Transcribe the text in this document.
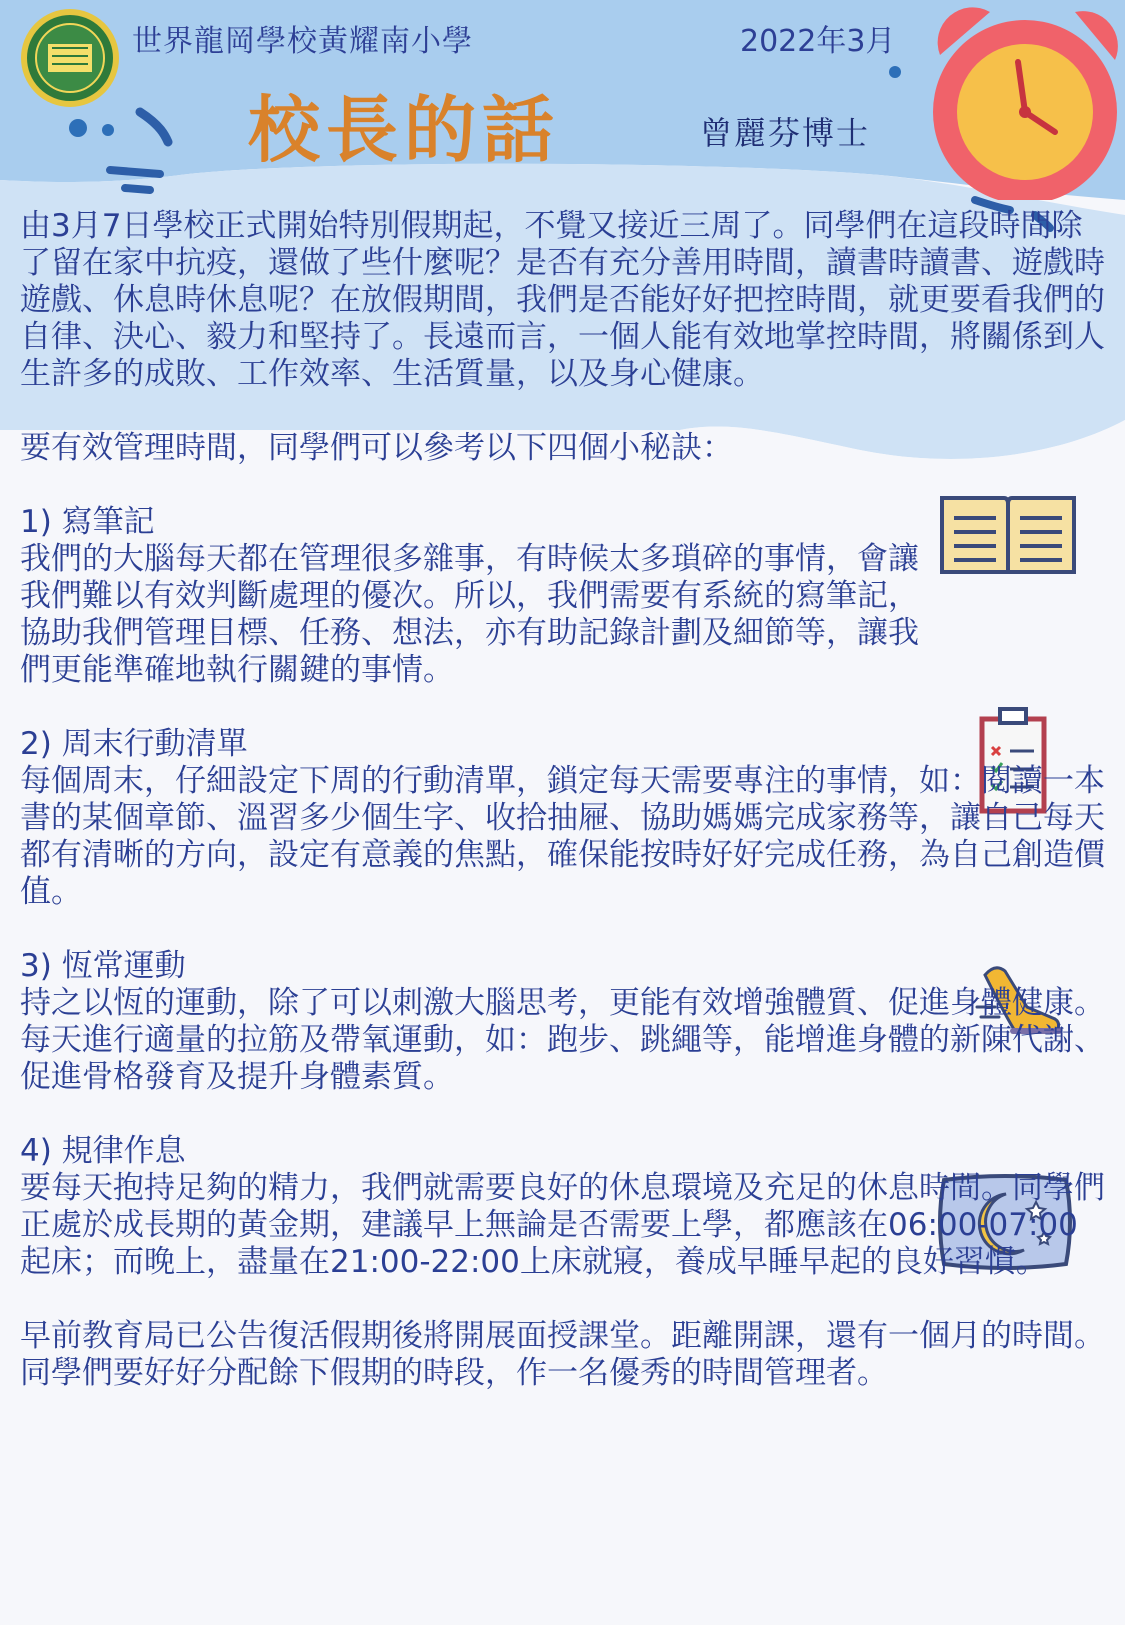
世界龍岡學校黃耀南小學	2022年3月
校長的話	曾麗芬博士

由3月7日學校正式開始特別假期起，不覺又接近三周了。同學們在這段時間除了留在家中抗疫，還做了些什麼呢？是否有充分善用時間，讀書時讀書、遊戲時遊戲、休息時休息呢？在放假期間，我們是否能好好把控時間，就更要看我們的自律、決心、毅力和堅持了。長遠而言，一個人能有效地掌控時間，將關係到人生許多的成敗、工作效率、生活質量，以及身心健康。

要有效管理時間，同學們可以參考以下四個小秘訣：

1) 寫筆記
我們的大腦每天都在管理很多雜事，有時候太多瑣碎的事情，會讓我們難以有效判斷處理的優次。所以，我們需要有系統的寫筆記，協助我們管理目標、任務、想法，亦有助記錄計劃及細節等，讓我們更能準確地執行關鍵的事情。
2) 周末行動清單
每個周末，仔細設定下周的行動清單，鎖定每天需要專注的事情，如：閱讀一本書的某個章節、溫習多少個生字、收拾抽屜、協助媽媽完成家務等，讓自己每天都有清晰的方向，設定有意義的焦點，確保能按時好好完成任務，為自己創造價值。
3) 恆常運動
持之以恆的運動，除了可以刺激大腦思考，更能有效增強體質、促進身體健康。每天進行適量的拉筋及帶氧運動，如：跑步、跳繩等，能增進身體的新陳代謝、促進骨格發育及提升身體素質。
4) 規律作息
要每天抱持足夠的精力，我們就需要良好的休息環境及充足的休息時間。同學們正處於成長期的黃金期，建議早上無論是否需要上學，都應該在06:00-07:00起床；而晚上，盡量在21:00-22:00上床就寢，養成早睡早起的良好習慣。

早前教育局已公告復活假期後將開展面授課堂。距離開課，還有一個月的時間。同學們要好好分配餘下假期的時段，作一名優秀的時間管理者。
